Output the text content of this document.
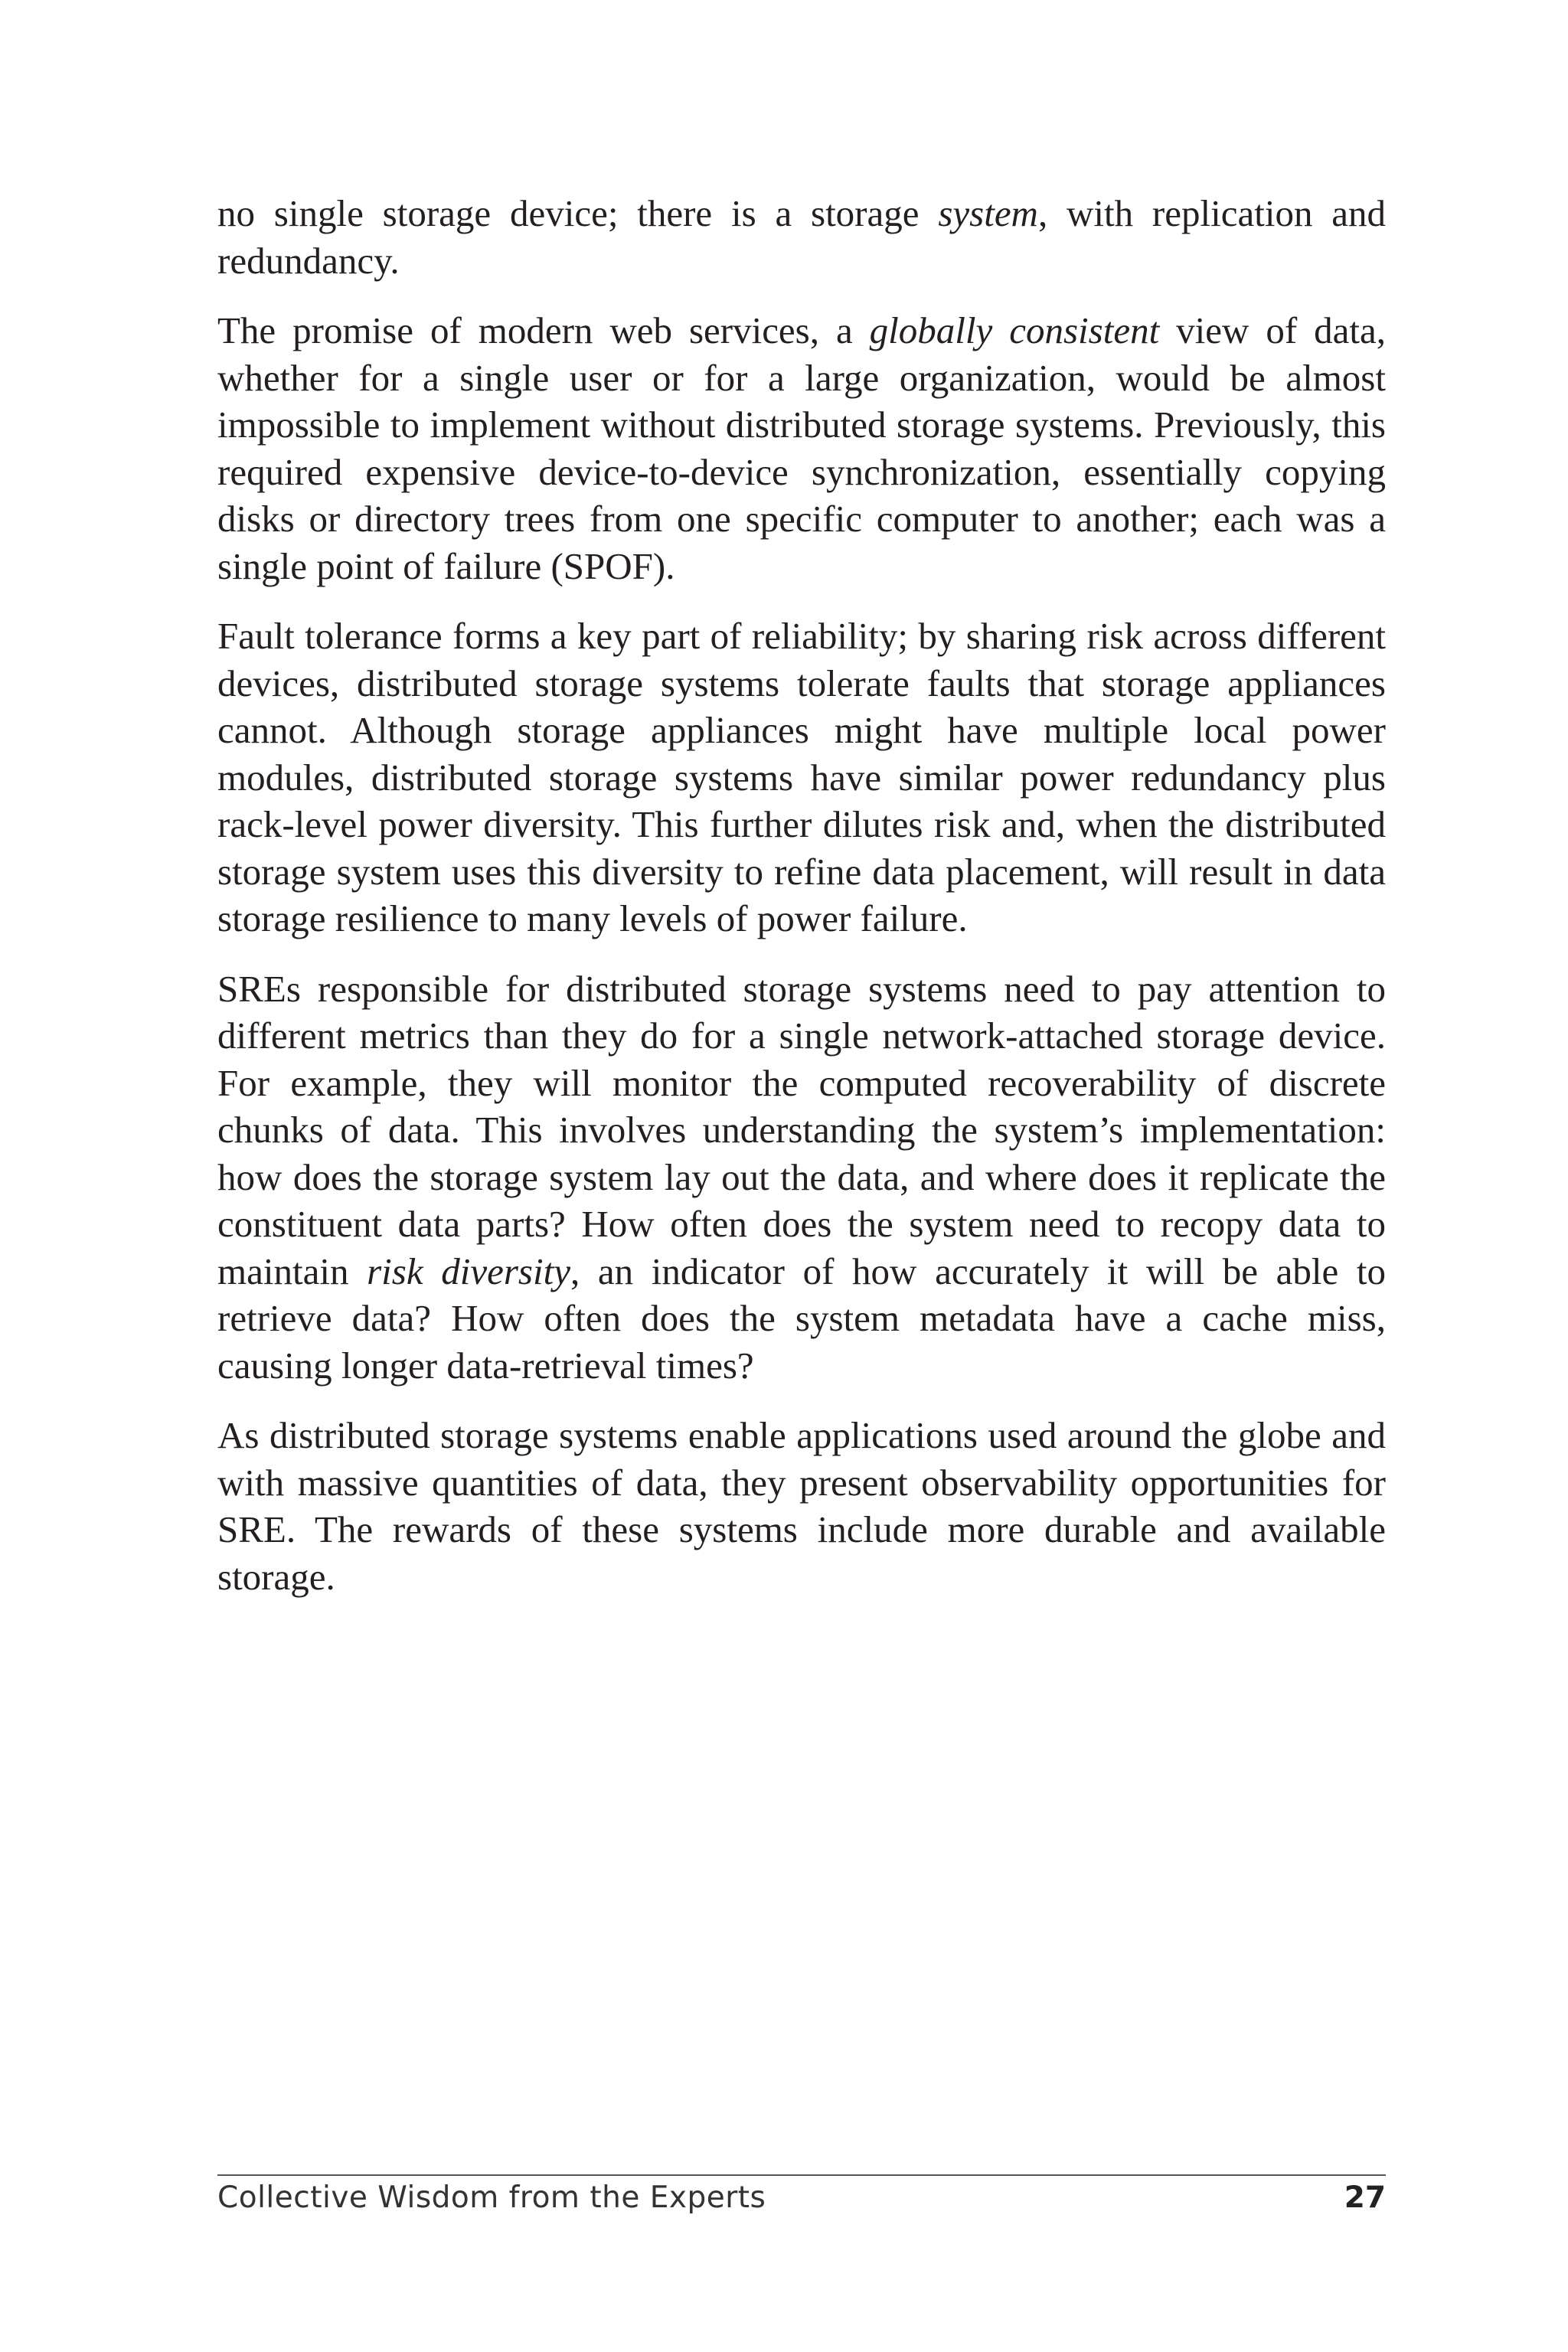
no single storage device; there is a storage system, with replication and redundancy.

The promise of modern web services, a globally consistent view of data, whether for a single user or for a large organization, would be almost impossible to implement without distributed storage systems. Previously, this required expensive device-to-device synchronization, essentially copying disks or directory trees from one specific computer to another; each was a single point of failure (SPOF).

Fault tolerance forms a key part of reliability; by sharing risk across different devices, distributed storage systems tolerate faults that storage appliances cannot. Although storage appliances might have multiple local power modules, distributed storage systems have similar power redundancy plus rack-level power diversity. This further dilutes risk and, when the distributed storage system uses this diversity to refine data placement, will result in data storage resilience to many levels of power failure.

SREs responsible for distributed storage systems need to pay attention to different metrics than they do for a single network-attached storage device. For example, they will monitor the computed recoverability of discrete chunks of data. This involves understanding the system’s implementation: how does the storage system lay out the data, and where does it replicate the constituent data parts? How often does the system need to recopy data to maintain risk diversity, an indicator of how accurately it will be able to retrieve data? How often does the system metadata have a cache miss, causing longer data-retrieval times?

As distributed storage systems enable applications used around the globe and with massive quantities of data, they present observability opportunities for SRE. The rewards of these systems include more durable and available storage.

Collective Wisdom from the Experts	27
